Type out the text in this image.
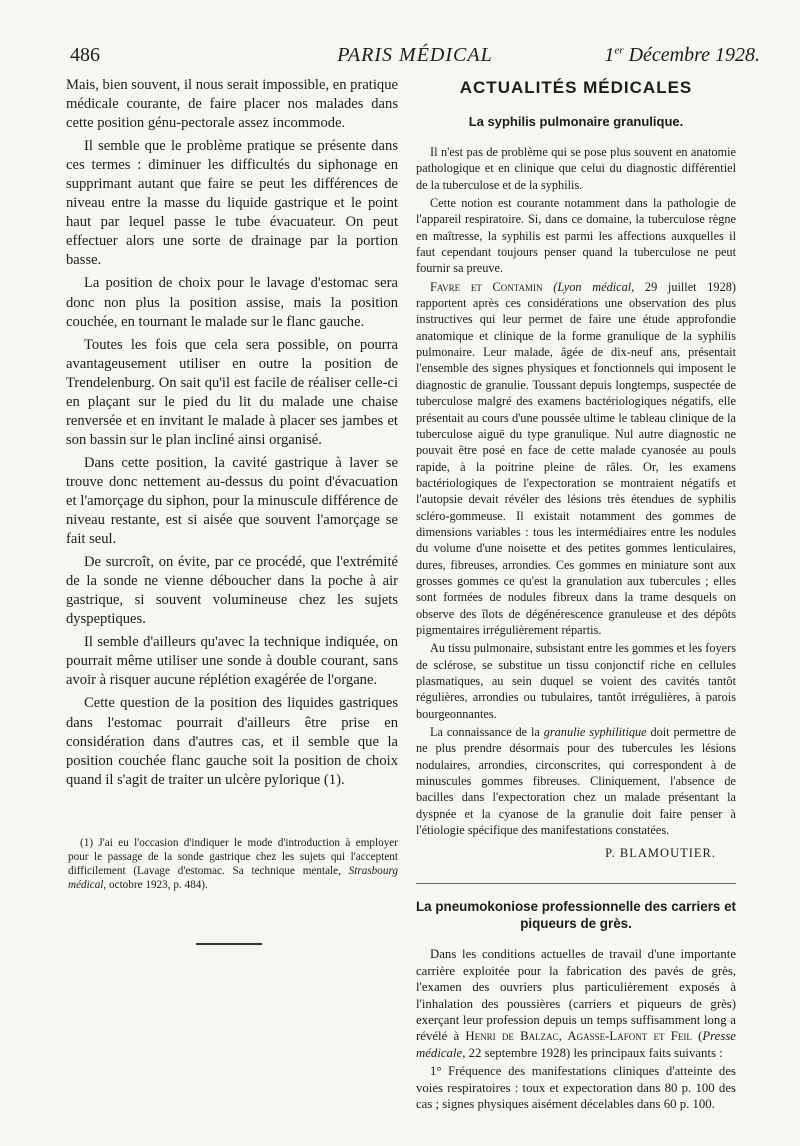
486	PARIS MÉDICAL	1er Décembre 1928.

Mais, bien souvent, il nous serait impossible, en pratique médicale courante, de faire placer nos malades dans cette position génu-pectorale assez incommode.

Il semble que le problème pratique se présente dans ces termes : diminuer les difficultés du siphonage en supprimant autant que faire se peut les différences de niveau entre la masse du liquide gastrique et le point haut par lequel passe le tube évacuateur. On peut effectuer alors une sorte de drainage par la portion basse.

La position de choix pour le lavage d'estomac sera donc non plus la position assise, mais la position couchée, en tournant le malade sur le flanc gauche.

Toutes les fois que cela sera possible, on pourra avantageusement utiliser en outre la position de Trendelenburg. On sait qu'il est facile de réaliser celle-ci en plaçant sur le pied du lit du malade une chaise renversée et en invitant le malade à placer ses jambes et son bassin sur le plan incliné ainsi organisé.

Dans cette position, la cavité gastrique à laver se trouve donc nettement au-dessus du point d'évacuation et l'amorçage du siphon, pour la minuscule différence de niveau restante, est si aisée que souvent l'amorçage se fait seul.

De surcroît, on évite, par ce procédé, que l'extrémité de la sonde ne vienne déboucher dans la poche à air gastrique, si souvent volumineuse chez les sujets dyspeptiques.

Il semble d'ailleurs qu'avec la technique indiquée, on pourrait même utiliser une sonde à double courant, sans avoir à risquer aucune réplétion exagérée de l'organe.

Cette question de la position des liquides gastriques dans l'estomac pourrait d'ailleurs être prise en considération dans d'autres cas, et il semble que la position couchée flanc gauche soit la position de choix quand il s'agit de traiter un ulcère pylorique (1).

(1) J'ai eu l'occasion d'indiquer le mode d'introduction à employer pour le passage de la sonde gastrique chez les sujets qui l'acceptent difficilement (Lavage d'estomac. Sa technique mentale, Strasbourg médical, octobre 1923, p. 484).

ACTUALITÉS MÉDICALES
La syphilis pulmonaire granulique.

Il n'est pas de problème qui se pose plus souvent en anatomie pathologique et en clinique que celui du diagnostic différentiel de la tuberculose et de la syphilis.

Cette notion est courante notamment dans la pathologie de l'appareil respiratoire. Si, dans ce domaine, la tuberculose règne en maîtresse, la syphilis est parmi les affections auxquelles il faut cependant toujours penser quand la tuberculose ne peut fournir sa preuve.

Favre et Contamin (Lyon médical, 29 juillet 1928) rapportent après ces considérations une observation des plus instructives qui leur permet de faire une étude approfondie anatomique et clinique de la forme granulique de la syphilis pulmonaire. Leur malade, âgée de dix-neuf ans, présentait l'ensemble des signes physiques et fonctionnels qui imposent le diagnostic de granulie. Toussant depuis longtemps, suspectée de tuberculose malgré des examens bactériologiques négatifs, elle présentait au cours d'une poussée ultime le tableau clinique de la tuberculose aiguë du type granulique. Nul autre diagnostic ne pouvait être posé en face de cette malade cyanosée au pouls rapide, à la poitrine pleine de râles. Or, les examens bactériologiques de l'expectoration se montraient négatifs et l'autopsie devait révéler des lésions très étendues de syphilis scléro-gommeuse. Il existait notamment des gommes de dimensions variables : tous les intermédiaires entre les nodules du volume d'une noisette et des petites gommes lenticulaires, dures, fibreuses, arrondies. Ces gommes en miniature sont aux grosses gommes ce qu'est la granulation aux tubercules ; elles sont formées de nodules fibreux dans la trame desquels on observe des îlots de dégénérescence granuleuse et des dépôts pigmentaires irrégulièrement répartis.

Au tissu pulmonaire, subsistant entre les gommes et les foyers de sclérose, se substitue un tissu conjonctif riche en cellules plasmatiques, au sein duquel se voient des cavités tantôt régulières, arrondies ou tubulaires, tantôt irrégulières, à parois bourgeonnantes.

La connaissance de la granulie syphilitique doit permettre de ne plus prendre désormais pour des tubercules les lésions nodulaires, arrondies, circonscrites, qui correspondent à de minuscules gommes fibreuses. Cliniquement, l'absence de bacilles dans l'expectoration chez un malade présentant la dyspnée et la cyanose de la granulie doit faire penser à l'étiologie spécifique des manifestations constatées.

P. BLAMOUTIER.
La pneumokoniose professionnelle des carriers et piqueurs de grès.

Dans les conditions actuelles de travail d'une importante carrière exploitée pour la fabrication des pavés de grès, l'examen des ouvriers plus particulièrement exposés à l'inhalation des poussières (carriers et piqueurs de grès) exerçant leur profession depuis un temps suffisamment long a révélé à Henri de Balzac, Agasse-Lafont et Feil (Presse médicale, 22 septembre 1928) les principaux faits suivants :

1° Fréquence des manifestations cliniques d'atteinte des voies respiratoires : toux et expectoration dans 80 p. 100 des cas ; signes physiques aisément décelables dans 60 p. 100.
